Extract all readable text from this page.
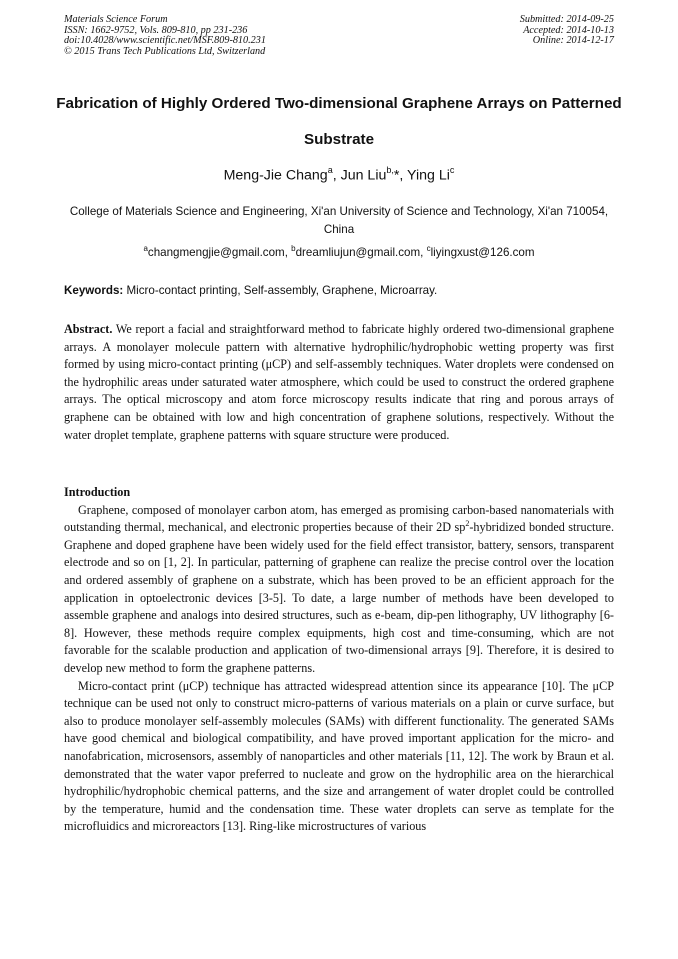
Materials Science Forum
ISSN: 1662-9752, Vols. 809-810, pp 231-236
doi:10.4028/www.scientific.net/MSF.809-810.231
© 2015 Trans Tech Publications Ltd, Switzerland
Submitted: 2014-09-25
Accepted: 2014-10-13
Online: 2014-12-17
Fabrication of Highly Ordered Two-dimensional Graphene Arrays on Patterned Substrate
Meng-Jie Chang$^a$, Jun Liu$^{b,}$*, Ying Li$^c$
College of Materials Science and Engineering, Xi'an University of Science and Technology, Xi'an 710054, China
$^a$changmengjie@gmail.com, $^b$dreamliujun@gmail.com, $^c$liyingxust@126.com
Keywords: Micro-contact printing, Self-assembly, Graphene, Microarray.

Abstract. We report a facial and straightforward method to fabricate highly ordered two-dimensional graphene arrays. A monolayer molecule pattern with alternative hydrophilic/hydrophobic wetting property was first formed by using micro-contact printing (μCP) and self-assembly techniques. Water droplets were condensed on the hydrophilic areas under saturated water atmosphere, which could be used to construct the ordered graphene arrays. The optical microscopy and atom force microscopy results indicate that ring and porous arrays of graphene can be obtained with low and high concentration of graphene solutions, respectively. Without the water droplet template, graphene patterns with square structure were produced.

Introduction

Graphene, composed of monolayer carbon atom, has emerged as promising carbon-based nanomaterials with outstanding thermal, mechanical, and electronic properties because of their 2D $sp^2$-hybridized bonded structure. Graphene and doped graphene have been widely used for the field effect transistor, battery, sensors, transparent electrode and so on [1, 2]. In particular, patterning of graphene can realize the precise control over the location and ordered assembly of graphene on a substrate, which has been proved to be an efficient approach for the application in optoelectronic devices [3-5]. To date, a large number of methods have been developed to assemble graphene and analogs into desired structures, such as e-beam, dip-pen lithography, UV lithography [6-8]. However, these methods require complex equipments, high cost and time-consuming, which are not favorable for the scalable production and application of two-dimensional arrays [9]. Therefore, it is desired to develop new method to form the graphene patterns.

Micro-contact print (μCP) technique has attracted widespread attention since its appearance [10]. The μCP technique can be used not only to construct micro-patterns of various materials on a plain or curve surface, but also to produce monolayer self-assembly molecules (SAMs) with different functionality. The generated SAMs have good chemical and biological compatibility, and have proved important application for the micro- and nanofabrication, microsensors, assembly of nanoparticles and other materials [11, 12]. The work by Braun et al. demonstrated that the water vapor preferred to nucleate and grow on the hydrophilic area on the hierarchical hydrophilic/hydrophobic chemical patterns, and the size and arrangement of water droplet could be controlled by the temperature, humid and the condensation time. These water droplets can serve as template for the microfluidics and microreactors [13]. Ring-like microstructures of various
